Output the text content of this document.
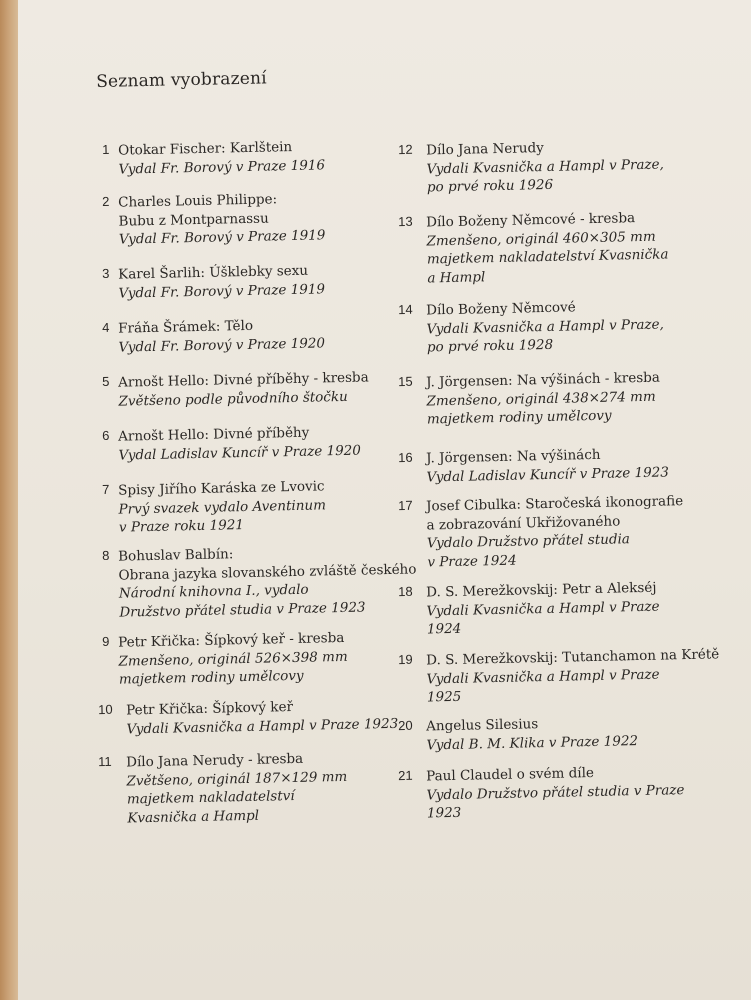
Seznam vyobrazení
1 Otokar Fischer: Karlštein
Vydal Fr. Borový v Praze 1916
2 Charles Louis Philippe:
Bubu z Montparnassu
Vydal Fr. Borový v Praze 1919
3 Karel Šarlih: Úšklebky sexu
Vydal Fr. Borový v Praze 1919
4 Fráňa Šrámek: Tělo
Vydal Fr. Borový v Praze 1920
5 Arnošt Hello: Divné příběhy - kresba
Zvětšeno podle původního štočku
6 Arnošt Hello: Divné příběhy
Vydal Ladislav Kuncíř v Praze 1920
7 Spisy Jiřího Karáska ze Lvovic
Prvý svazek vydalo Aventinum
v Praze roku 1921
8 Bohuslav Balbín:
Obrana jazyka slovanského zvláště českého
Národní knihovna I., vydalo
Družstvo přátel studia v Praze 1923
9 Petr Křička: Šípkový keř - kresba
Zmenšeno, originál 526×398 mm
majetkem rodiny umělcovy
10 Petr Křička: Šípkový keř
Vydali Kvasnička a Hampl v Praze 1923
11	Dílo Jana Nerudy - kresba
Zvětšeno, originál 187×129 mm
majetkem nakladatelství
Kvasnička a Hampl
12 Dílo Jana Nerudy
Vydali Kvasnička a Hampl v Praze,
po prvé roku 1926
13 Dílo Boženy Němcové - kresba
Zmenšeno, originál 460×305 mm
majetkem nakladatelství Kvasnička
a Hampl
14 Dílo Boženy Němcové
Vydali Kvasnička a Hampl v Praze,
po prvé roku 1928
15 J. Jörgensen: Na výšinách - kresba
Zmenšeno, originál 438×274 mm
majetkem rodiny umělcovy
16 J. Jörgensen: Na výšinách
Vydal Ladislav Kuncíř v Praze 1923
17 Josef Cibulka: Staročeská ikonografie
a zobrazování Ukřižovaného
Vydalo Družstvo přátel studia
v Praze 1924
18 D. S. Merežkovskij: Petr a Alekséj
Vydali Kvasnička a Hampl v Praze
1924
19 D. S. Merežkovskij: Tutanchamon na Krétě
Vydali Kvasnička a Hampl v Praze
1925
20 Angelus Silesius
Vydal B. M. Klika v Praze 1922
21 Paul Claudel o svém díle
Vydalo Družstvo přátel studia v Praze
1923
